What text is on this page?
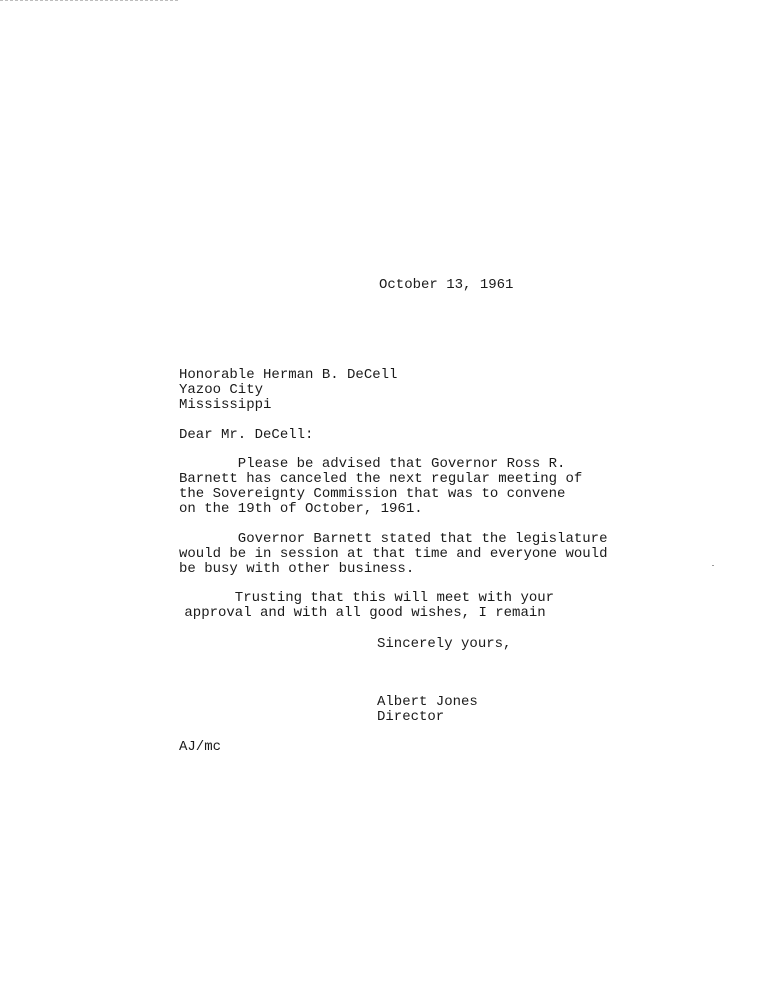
October 13, 1961
Honorable Herman B. DeCell
Yazoo City
Mississippi
Dear Mr. DeCell:
Please be advised that Governor Ross R.
Barnett has canceled the next regular meeting of
the Sovereignty Commission that was to convene
on the 19th of October, 1961.
Governor Barnett stated that the legislature
would be in session at that time and everyone would
be busy with other business.
Trusting that this will meet with your
approval and with all good wishes, I remain
Sincerely yours,
Albert Jones
Director
AJ/mc
